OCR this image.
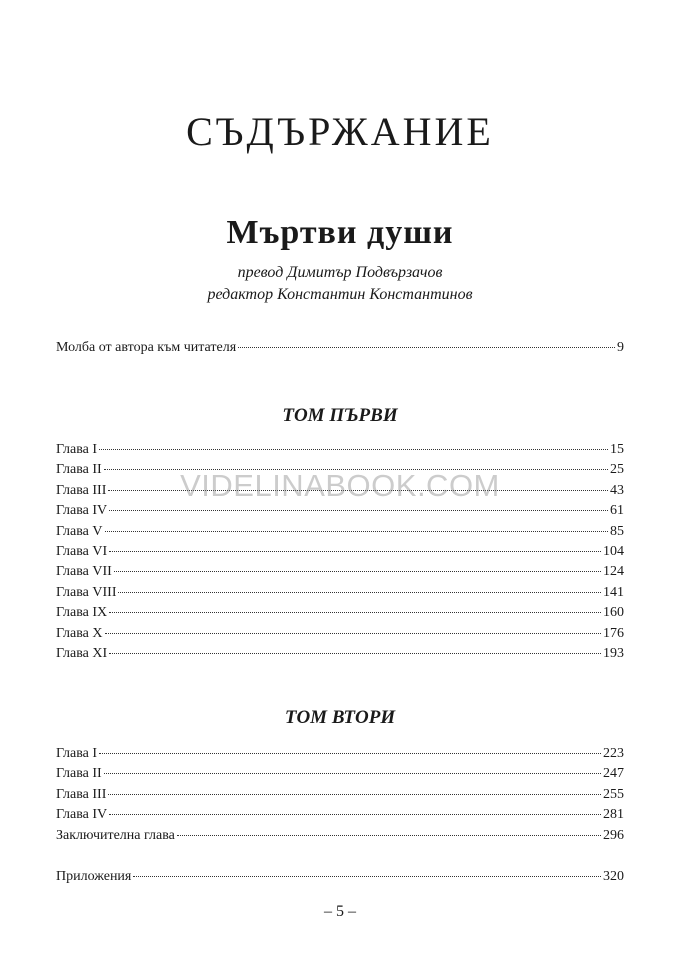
СЪДЪРЖАНИЕ
Мъртви души
превод Димитър Подвързачов
редактор Константин Константинов
Молба от автора към читателя	9
ТОМ ПЪРВИ
Глава I	15
Глава II	25
Глава III	43
Глава IV	61
Глава V	85
Глава VI	104
Глава VII	124
Глава VIII	141
Глава IX	160
Глава X	176
Глава XI	193
ТОМ ВТОРИ
Глава I	223
Глава II	247
Глава III	255
Глава IV	281
Заключителна глава	296
Приложения	320
– 5 –
VIDELINABOOK.COM
